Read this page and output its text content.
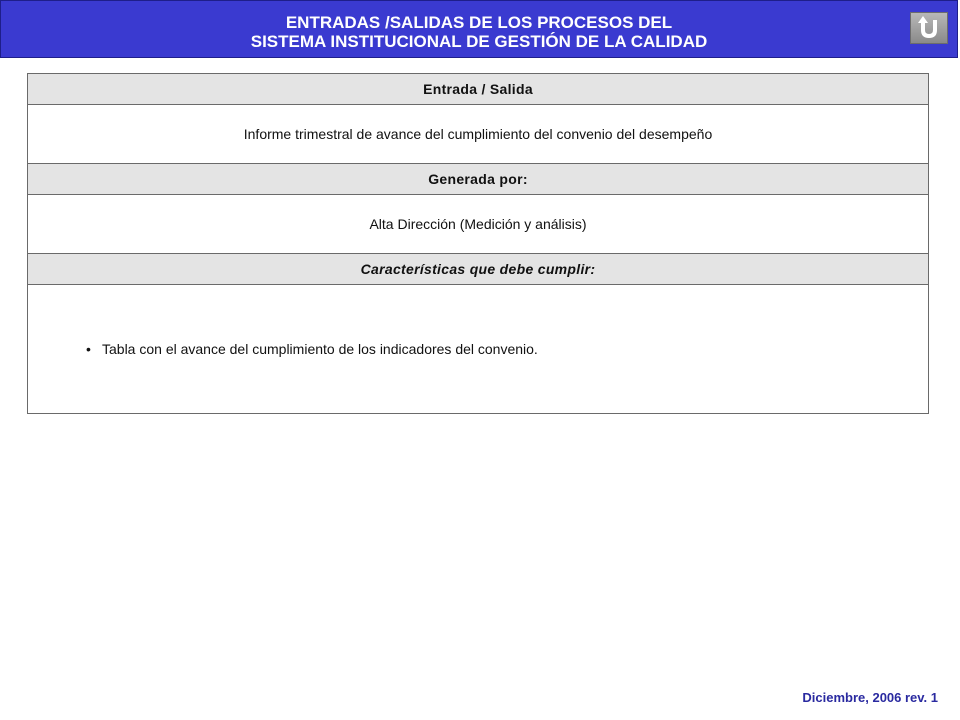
ENTRADAS /SALIDAS DE LOS PROCESOS DEL
SISTEMA INSTITUCIONAL DE GESTIÓN DE LA CALIDAD
Entrada / Salida
Informe trimestral de avance del cumplimiento del convenio del desempeño
Generada por:
Alta Dirección (Medición y análisis)
Características que debe cumplir:

• Tabla con el avance del cumplimiento de los indicadores del convenio.
Diciembre, 2006 rev. 1
